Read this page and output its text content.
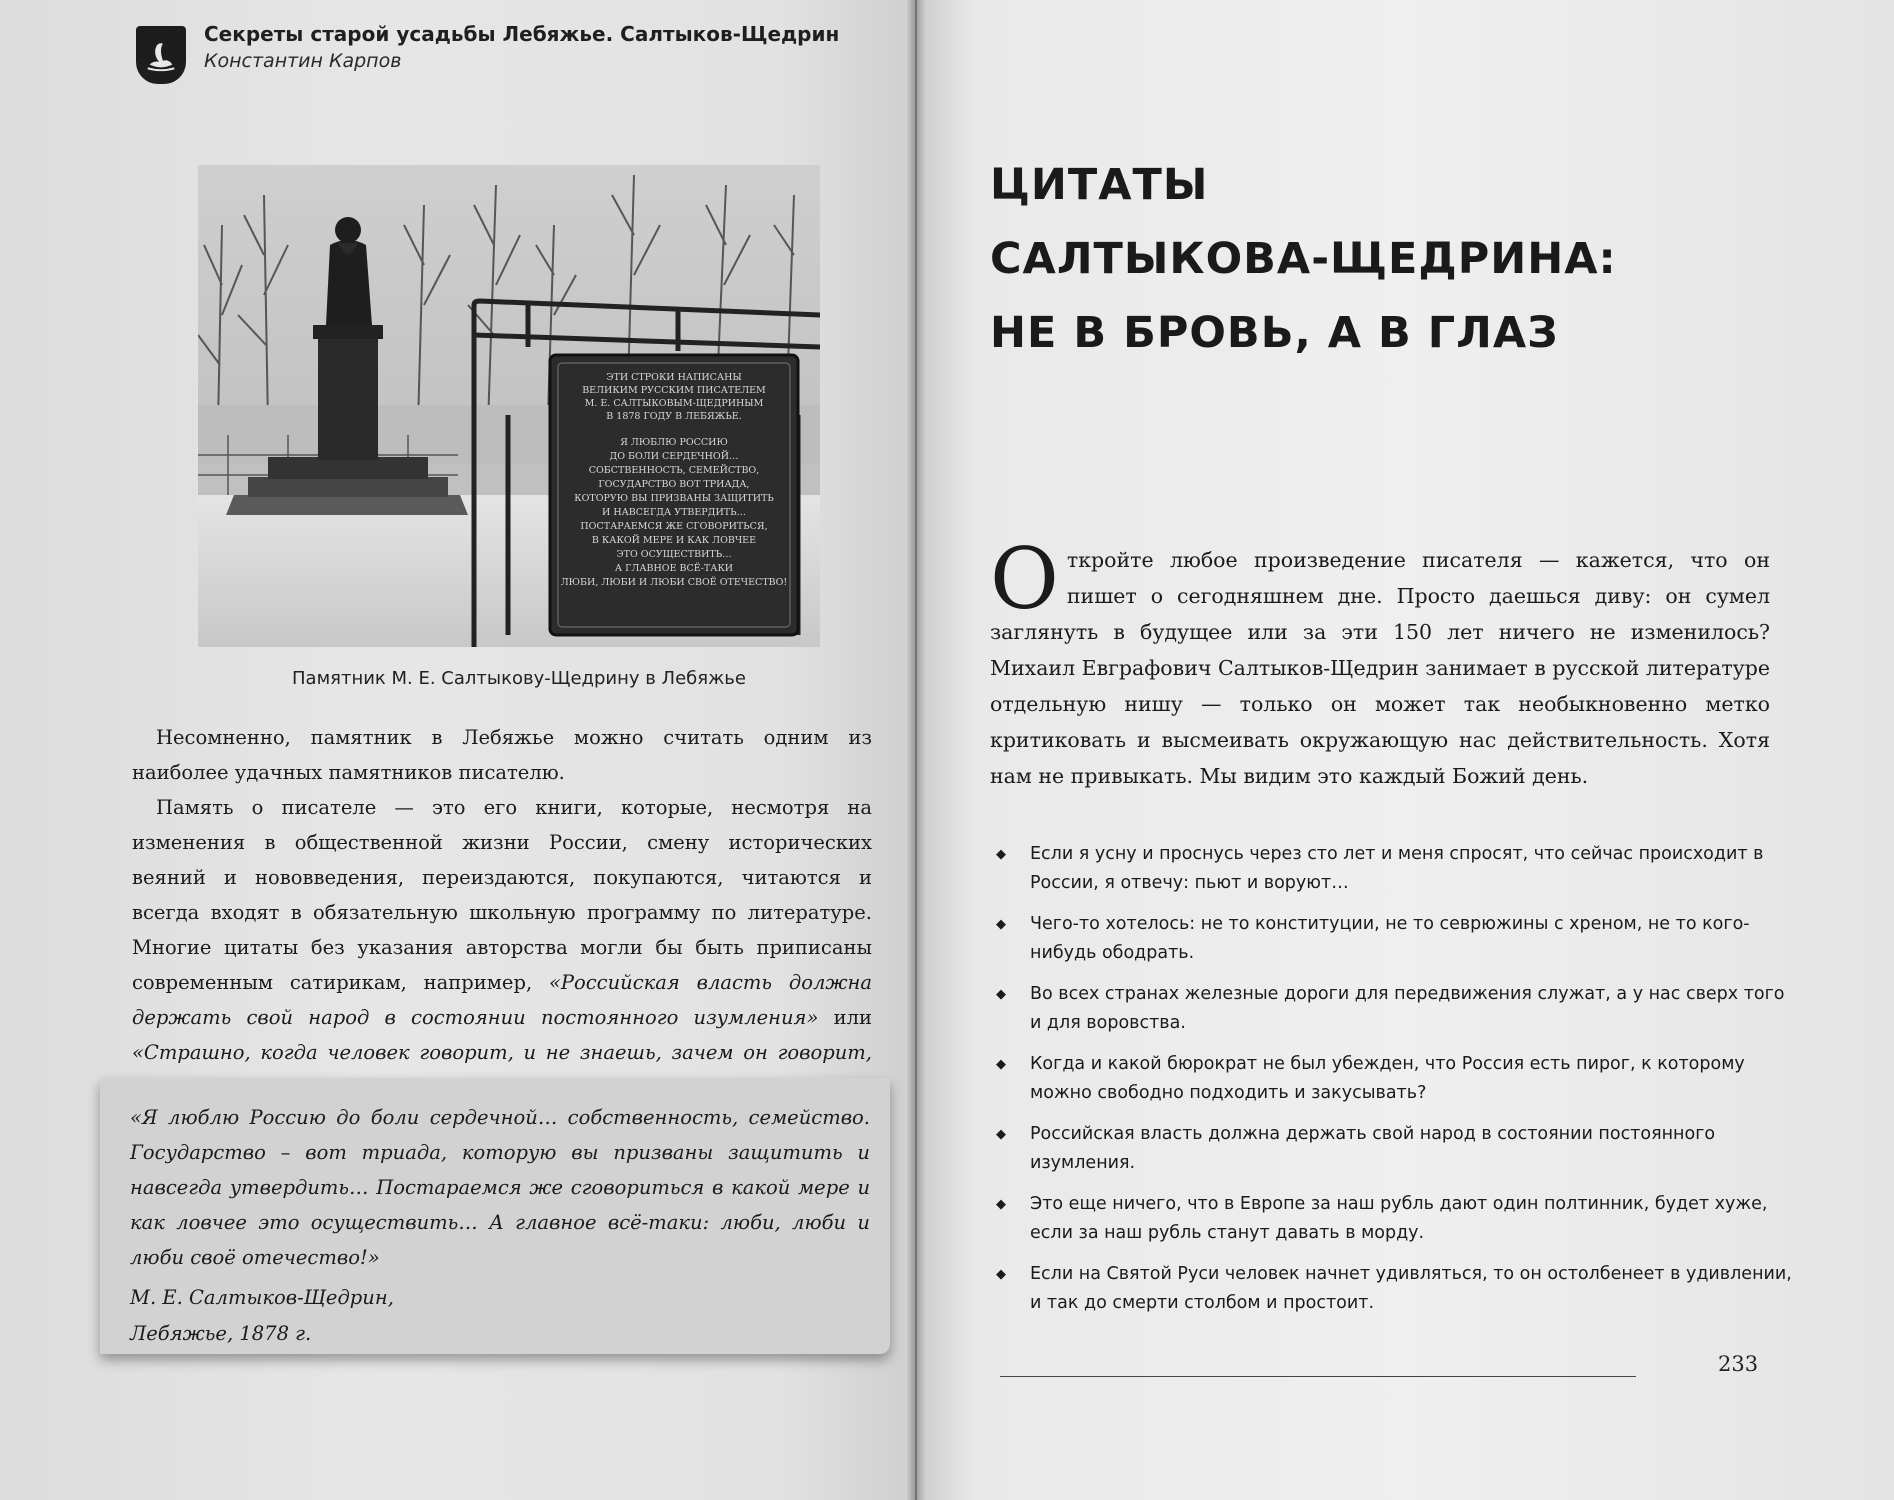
Секреты старой усадьбы Лебяжье. Салтыков-Щедрин
Константин Карпов
ЭТИ СТРОКИ НАПИСАНЫ
ВЕЛИКИМ РУССКИМ ПИСАТЕЛЕМ
М. Е. САЛТЫКОВЫМ-ЩЕДРИНЫМ
В 1878 ГОДУ В ЛЕБЯЖЬЕ.
Я ЛЮБЛЮ РОССИЮ
ДО БОЛИ СЕРДЕЧНОЙ…
СОБСТВЕННОСТЬ, СЕМЕЙСТВО,
ГОСУДАРСТВО ВОТ ТРИАДА,
КОТОРУЮ ВЫ ПРИЗВАНЫ ЗАЩИТИТЬ
И НАВСЕГДА УТВЕРДИТЬ…
ПОСТАРАЕМСЯ ЖЕ СГОВОРИТЬСЯ,
В КАКОЙ МЕРЕ И КАК ЛОВЧЕЕ
ЭТО ОСУЩЕСТВИТЬ…
А ГЛАВНОЕ ВСЁ-ТАКИ
ЛЮБИ, ЛЮБИ И ЛЮБИ СВОЁ ОТЕЧЕСТВО!
Памятник М. Е. Салтыкову-Щедрину в Лебяжье

Несомненно, памятник в Лебяжье можно считать одним из наиболее удачных памятников писателю.

Память о писателе — это его книги, которые, несмотря на изменения в общественной жизни России, смену исторических веяний и нововведения, переиздаются, покупаются, читаются и всегда входят в обязательную школьную программу по литературе. Многие цитаты без указания авторства могли бы быть приписаны современным сатирикам, например, «Российская власть должна держать свой народ в состоянии постоянного изумления» или «Страшно, когда человек говорит, и не знаешь, зачем он говорит,

«Я люблю Россию до боли сердечной… собственность, семейство. Государство – вот триада, которую вы призваны защитить и навсегда утвердить… Постараемся же сговориться в какой мере и как ловчее это осуществить… А главное всё-таки: люби, люби и люби своё отечество!»
М. Е. Салтыков-Щедрин,
Лебяжье, 1878 г.
ЦИТАТЫ
САЛТЫКОВА-ЩЕДРИНА:
НЕ В БРОВЬ, А В ГЛАЗ
Откройте любое произведение писателя — кажется, что он пишет о сегодняшнем дне. Просто даешься диву: он сумел заглянуть в будущее или за эти 150 лет ничего не изменилось? Михаил Евграфович Салтыков-Щедрин занимает в русской литературе отдельную нишу — только он может так необыкновенно метко критиковать и высмеивать окружающую нас действительность. Хотя нам не привыкать. Мы видим это каждый Божий день.
◆ Если я усну и проснусь через сто лет и меня спросят, что сейчас происходит в России, я отвечу: пьют и воруют…
◆ Чего-то хотелось: не то конституции, не то севрюжины с хреном, не то кого-нибудь ободрать.
◆ Во всех странах железные дороги для передвижения служат, а у нас сверх того и для воровства.
◆ Когда и какой бюрократ не был убежден, что Россия есть пирог, к которому можно свободно подходить и закусывать?
◆ Российская власть должна держать свой народ в состоянии постоянного изумления.
◆ Это еще ничего, что в Европе за наш рубль дают один полтинник, будет хуже, если за наш рубль станут давать в морду.
◆ Если на Святой Руси человек начнет удивляться, то он остолбенеет в удивлении, и так до смерти столбом и простоит.
233
